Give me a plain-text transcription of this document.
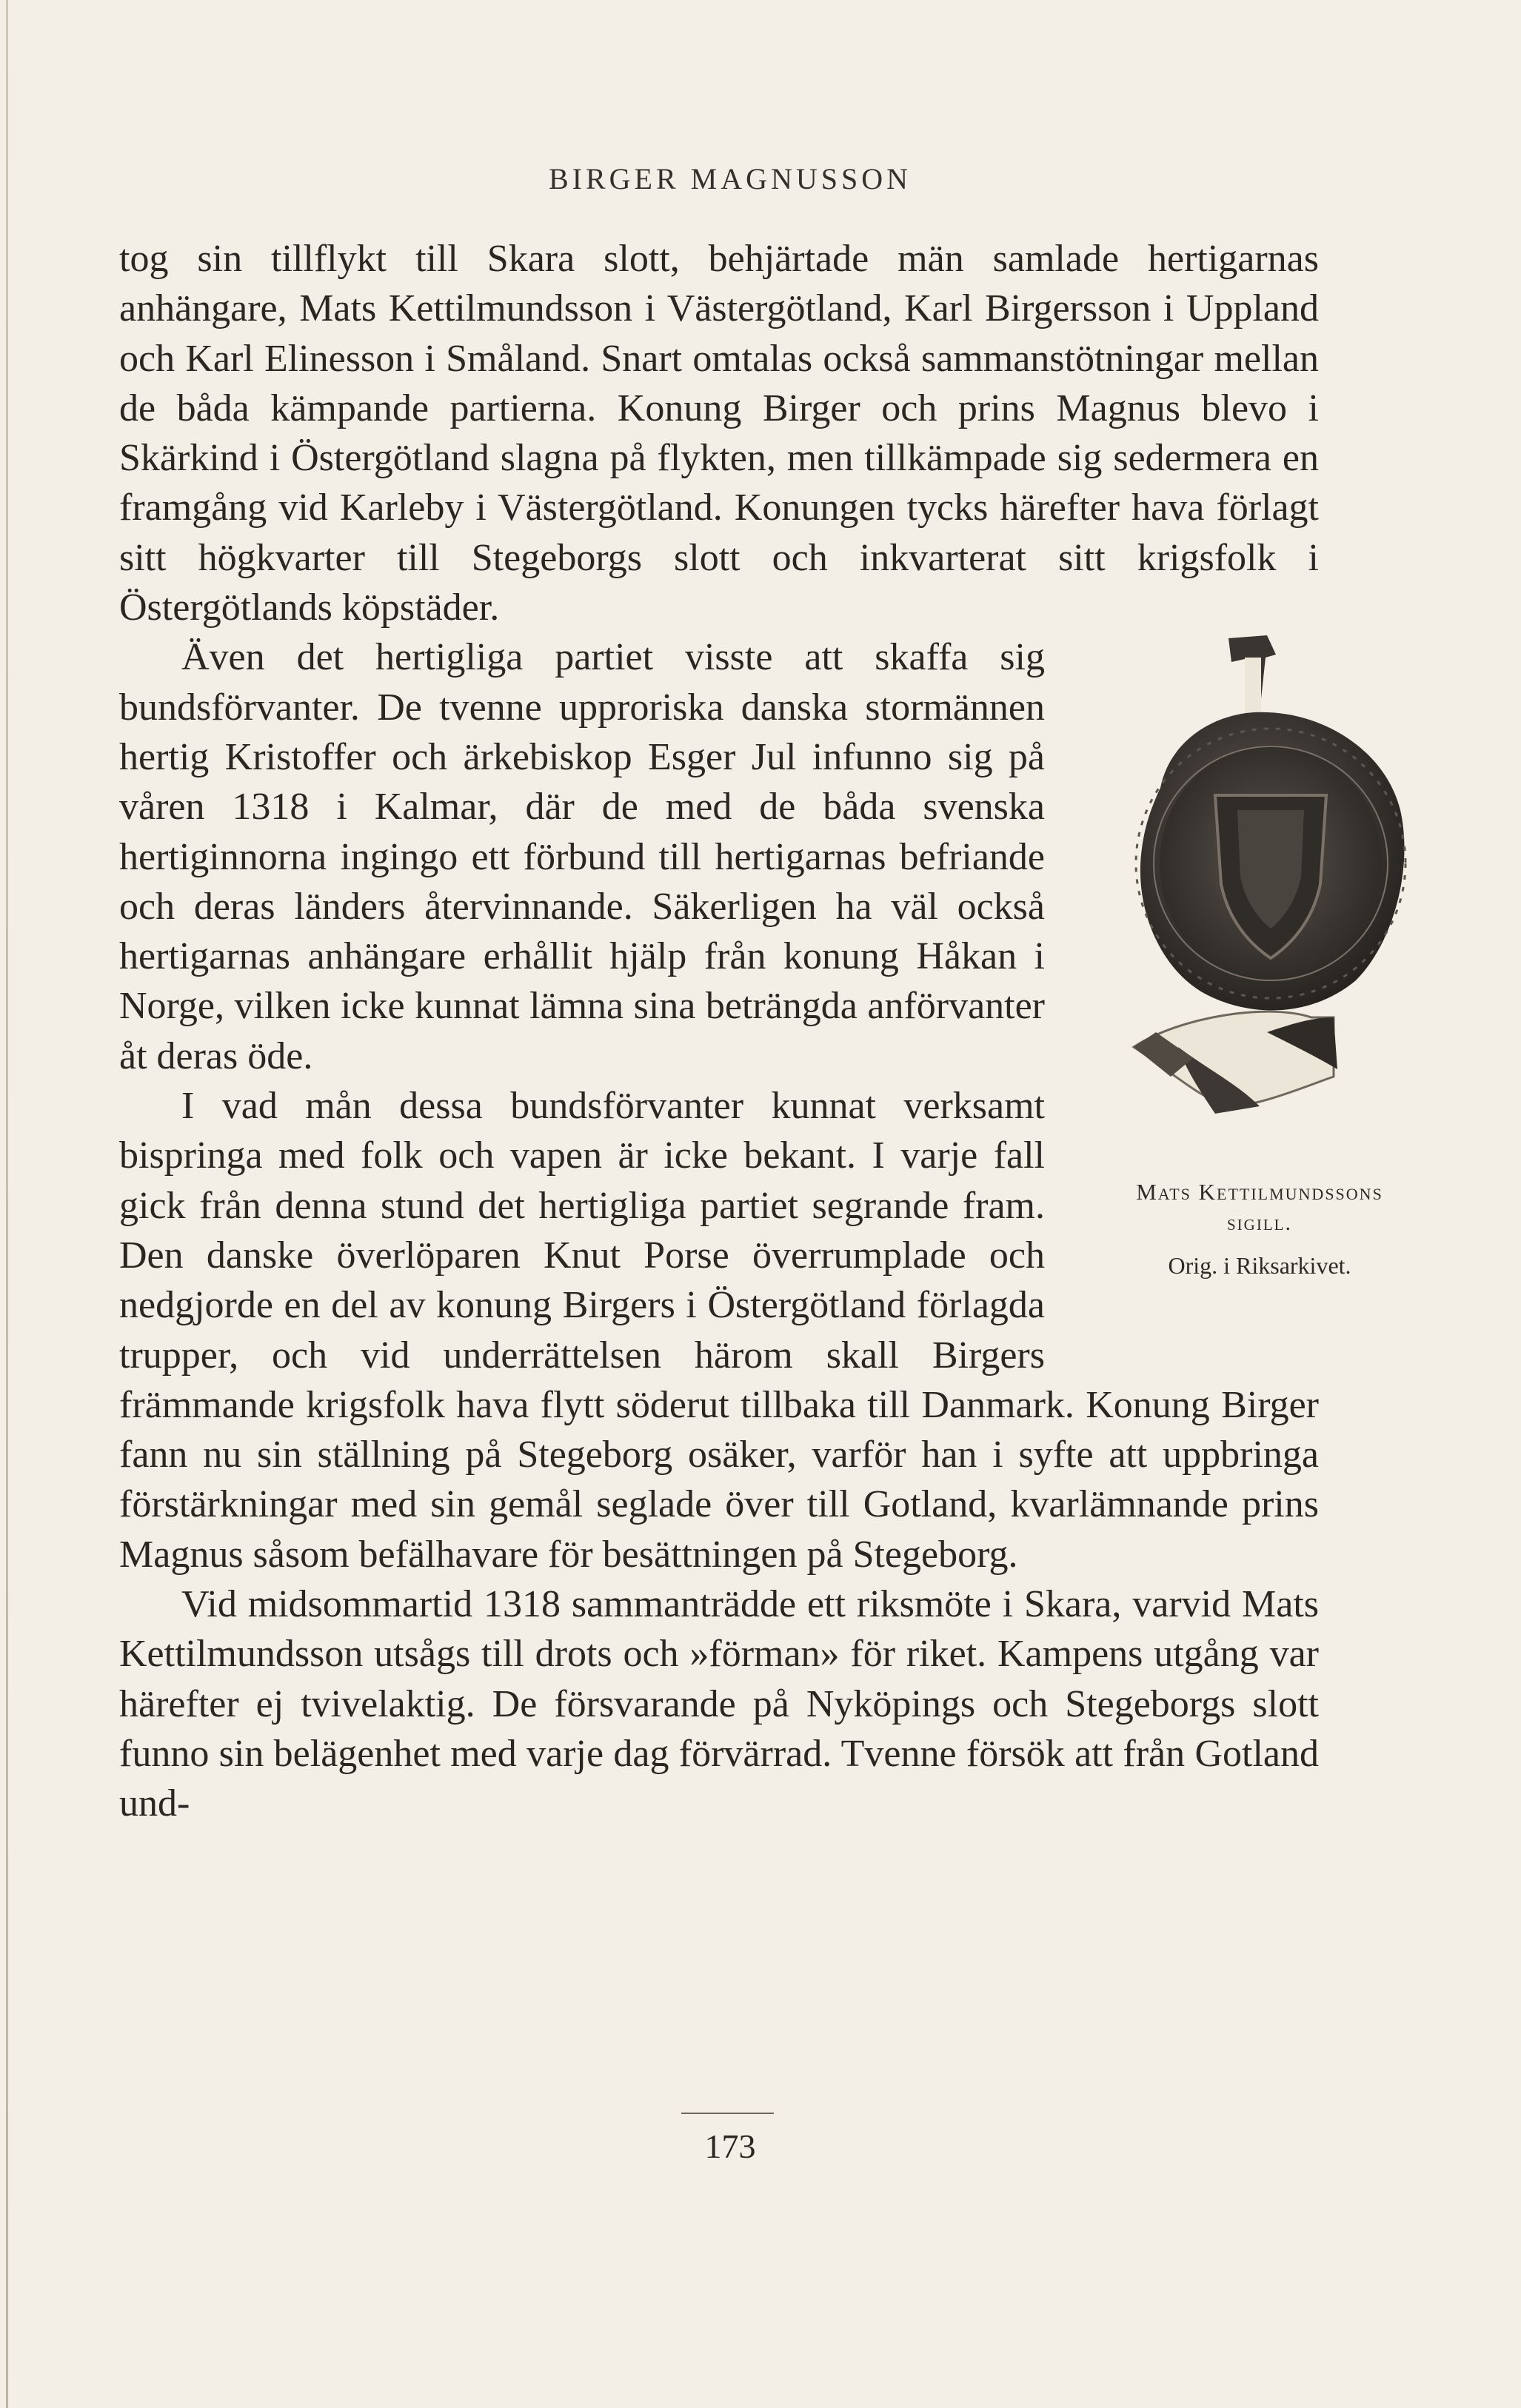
BIRGER MAGNUSSON

tog sin tillflykt till Skara slott, behjärtade män samlade hertigarnas anhängare, Mats Kettilmundsson i Västergötland, Karl Birgersson i Uppland och Karl Elinesson i Småland. Snart omtalas också sammanstötningar mellan de båda kämpande partierna. Konung Birger och prins Magnus blevo i Skärkind i Östergötland slagna på flykten, men tillkämpade sig sedermera en framgång vid Karleby i Västergötland. Konungen tycks härefter hava förlagt sitt högkvarter till Stegeborgs slott och inkvarterat sitt krigsfolk i Östergötlands köpstäder.

Mats Kettilmundssons
sigill.
Orig. i Riksarkivet.

Även det hertigliga partiet visste att skaffa sig bundsförvanter. De tvenne upproriska danska stormännen hertig Kristoffer och ärkebiskop Esger Jul infunno sig på våren 1318 i Kalmar, där de med de båda svenska hertiginnorna ingingo ett förbund till hertigarnas befriande och deras länders återvinnande. Säkerligen ha väl också hertigarnas anhängare erhållit hjälp från konung Håkan i Norge, vilken icke kunnat lämna sina beträngda anförvanter åt deras öde.

I vad mån dessa bundsförvanter kunnat verksamt bispringa med folk och vapen är icke bekant. I varje fall gick från denna stund det hertigliga partiet segrande fram. Den danske överlöparen Knut Porse överrumplade och nedgjorde en del av konung Birgers i Östergötland förlagda trupper, och vid underrättelsen härom skall Birgers främmande krigsfolk hava flytt söderut tillbaka till Danmark. Konung Birger fann nu sin ställning på Stegeborg osäker, varför han i syfte att uppbringa förstärkningar med sin gemål seglade över till Gotland, kvarlämnande prins Magnus såsom befälhavare för besättningen på Stegeborg.

Vid midsommartid 1318 sammanträdde ett riksmöte i Skara, varvid Mats Kettilmundsson utsågs till drots och »förman» för riket. Kampens utgång var härefter ej tvivelaktig. De försvarande på Nyköpings och Stegeborgs slott funno sin belägenhet med varje dag förvärrad. Tvenne försök att från Gotland und-

173
